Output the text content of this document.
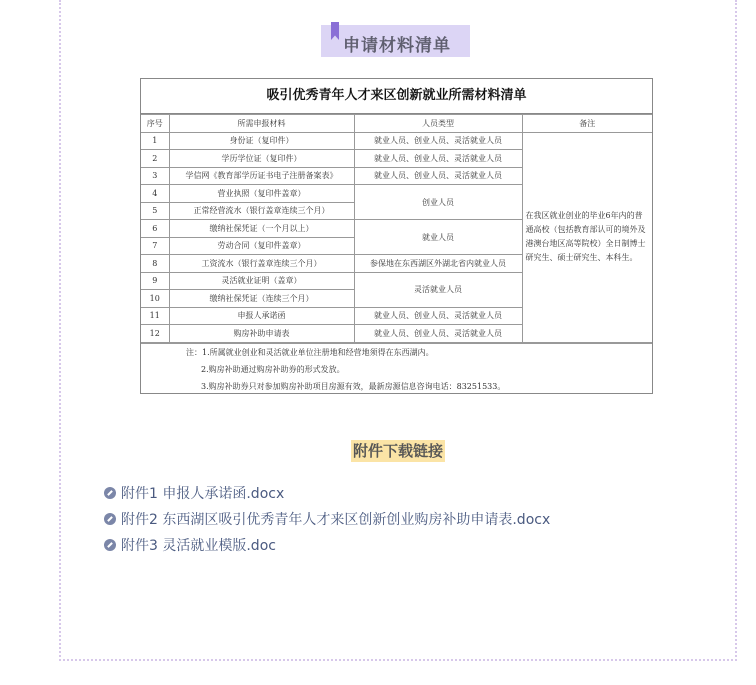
申请材料清单
吸引优秀青年人才来区创新就业所需材料清单
序号	所需申报材料	人员类型	备注
1	身份证（复印件）	就业人员、创业人员、灵活就业人员	在我区就业创业的毕业6年内的普通高校（包括教育部认可的境外及港澳台地区高等院校）全日制博士研究生、硕士研究生、本科生。
2	学历学位证（复印件）	就业人员、创业人员、灵活就业人员	
3	学信网《教育部学历证书电子注册备案表》	就业人员、创业人员、灵活就业人员	
4	营业执照（复印件盖章）	创业人员	
5	正常经营流水（银行盖章连续三个月）		
6	缴纳社保凭证（一个月以上）	就业人员	
7	劳动合同（复印件盖章）		
8	工资流水（银行盖章连续三个月）	参保地在东西湖区外湖北省内就业人员	
9	灵活就业证明（盖章）	灵活就业人员	
10	缴纳社保凭证（连续三个月）		
11	申报人承诺函	就业人员、创业人员、灵活就业人员	
12	购房补助申请表	就业人员、创业人员、灵活就业人员	
注：1.所属就业创业和灵活就业单位注册地和经营地须得在东西湖内。
2.购房补助通过购房补助券的形式发放。
3.购房补助券只对参加购房补助项目房源有效，最新房源信息咨询电话：83251533。
附件下载链接
附件1 申报人承诺函.docx
附件2 东西湖区吸引优秀青年人才来区创新创业购房补助申请表.docx
附件3 灵活就业模版.doc
